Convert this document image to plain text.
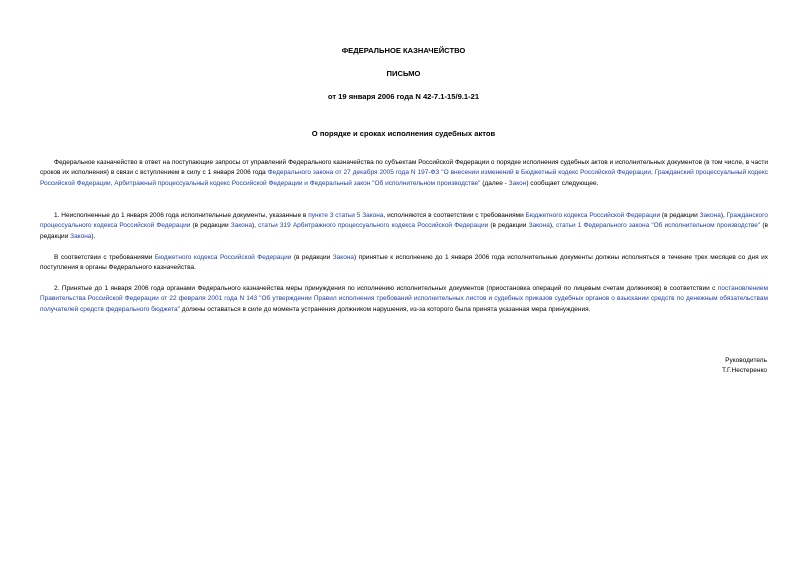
ФЕДЕРАЛЬНОЕ КАЗНАЧЕЙСТВО

ПИСЬМО

от 19 января 2006 года N 42-7.1-15/9.1-21

О порядке и сроках исполнения судебных актов

Федеральное казначейство в ответ на поступающие запросы от управлений Федерального казначейства по субъектам Российской Федерации о порядке исполнения судебных актов и исполнительных документов (в том числе, в части сроков их исполнения) в связи с вступлением в силу с 1 января 2006 года Федерального закона от 27 декабря 2005 года N 197-ФЗ "О внесении изменений в Бюджетный кодекс Российской Федерации, Гражданский процессуальный кодекс Российской Федерации, Арбитражный процессуальный кодекс Российской Федерации и Федеральный закон "Об исполнительном производстве" (далее - Закон) сообщает следующее.

1. Неисполненные до 1 января 2006 года исполнительные документы, указанные в пункте 3 статьи 5 Закона, исполняются в соответствии с требованиями Бюджетного кодекса Российской Федерации (в редакции Закона), Гражданского процессуального кодекса Российской Федерации (в редакции Закона), статьи 319 Арбитражного процессуального кодекса Российской Федерации (в редакции Закона), статьи 1 Федерального закона "Об исполнительном производстве" (в редакции Закона).

В соответствии с требованиями Бюджетного кодекса Российской Федерации (в редакции Закона) принятые к исполнению до 1 января 2006 года исполнительные документы должны исполняться в течение трех месяцев со дня их поступления в органы Федерального казначейства.

2. Принятые до 1 января 2006 года органами Федерального казначейства меры принуждения по исполнению исполнительных документов (приостановка операций по лицевым счетам должников) в соответствии с постановлением Правительства Российской Федерации от 22 февраля 2001 года N 143 "Об утверждении Правил исполнения требований исполнительных листов и судебных приказов судебных органов о взыскании средств по денежным обязательствам получателей средств федерального бюджета" должны оставаться в силе до момента устранения должником нарушения, из-за которого была принята указанная мера принуждения.

Руководитель

Т.Г.Нестеренко
